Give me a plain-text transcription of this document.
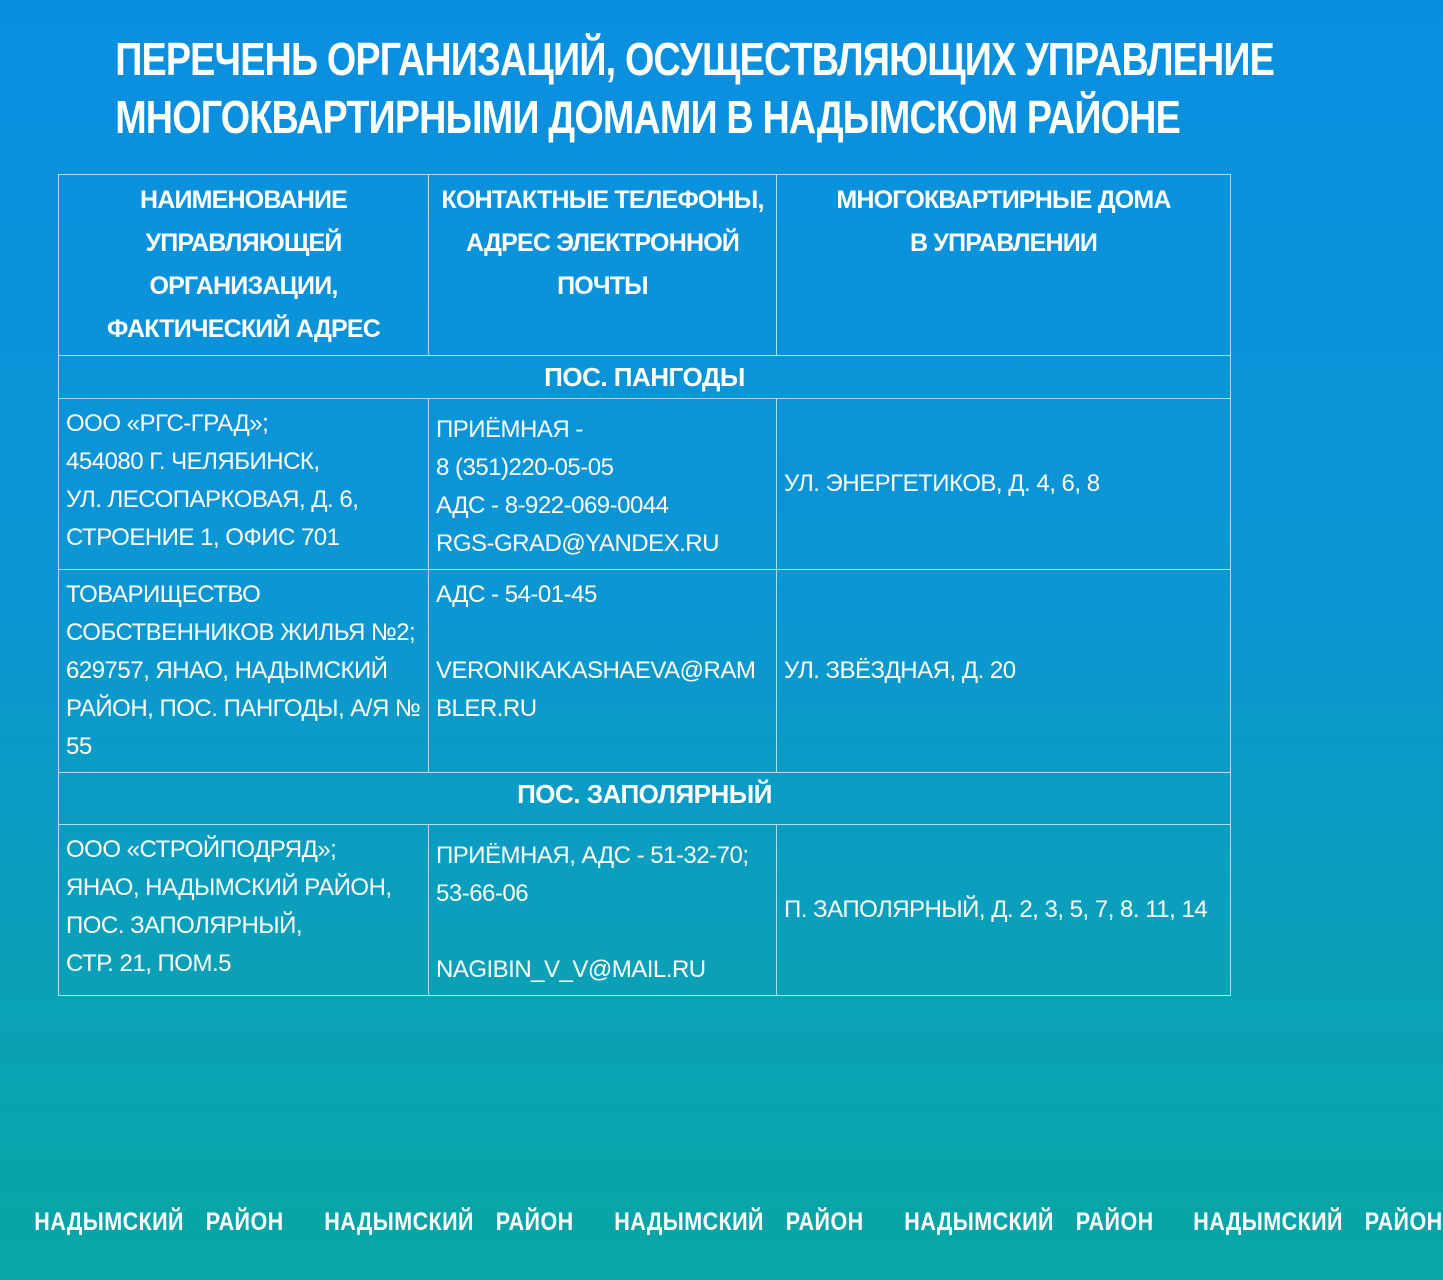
ПЕРЕЧЕНЬ ОРГАНИЗАЦИЙ, ОСУЩЕСТВЛЯЮЩИХ УПРАВЛЕНИЕ
МНОГОКВАРТИРНЫМИ ДОМАМИ В НАДЫМСКОМ РАЙОНЕ
НАИМЕНОВАНИЕ УПРАВЛЯЮЩЕЙ
ОРГАНИЗАЦИИ,
ФАКТИЧЕСКИЙ АДРЕС	КОНТАКТНЫЕ ТЕЛЕФОНЫ,
АДРЕС ЭЛЕКТРОННОЙ ПОЧТЫ	МНОГОКВАРТИРНЫЕ ДОМА
В УПРАВЛЕНИИ

ПОС. ПАНГОДЫ		

ООО «РГС-ГРАД»;
454080 Г. ЧЕЛЯБИНСК,
УЛ. ЛЕСОПАРКОВАЯ, Д. 6, СТРОЕНИЕ 1, ОФИС 701	ПРИЁМНАЯ -
8 (351)220-05-05
АДС - 8-922-069-0044
RGS-GRAD@YANDEX.RU	УЛ. ЭНЕРГЕТИКОВ, Д. 4, 6, 8

ТОВАРИЩЕСТВО СОБСТВЕННИКОВ ЖИЛЬЯ №2;
629757, ЯНАО, НАДЫМСКИЙ РАЙОН, ПОС. ПАНГОДЫ, А/Я № 55	АДС - 54-01-45

VERONIKAKASHAEVA@RAMBLER.RU	УЛ. ЗВЁЗДНАЯ, Д. 20

ПОС. ЗАПОЛЯРНЫЙ		

ООО «СТРОЙПОДРЯД»;
ЯНАО, НАДЫМСКИЙ РАЙОН,
ПОС. ЗАПОЛЯРНЫЙ,
СТР. 21, ПОМ.5	ПРИЁМНАЯ, АДС - 51-32-70;
53-66-06

NAGIBIN_V_V@MAIL.RU	П. ЗАПОЛЯРНЫЙ, Д. 2, 3, 5, 7, 8. 11, 14
НАДЫМСКИЙ РАЙОН НАДЫМСКИЙ РАЙОН НАДЫМСКИЙ РАЙОН НАДЫМСКИЙ РАЙОН НАДЫМСКИЙ РАЙОН
